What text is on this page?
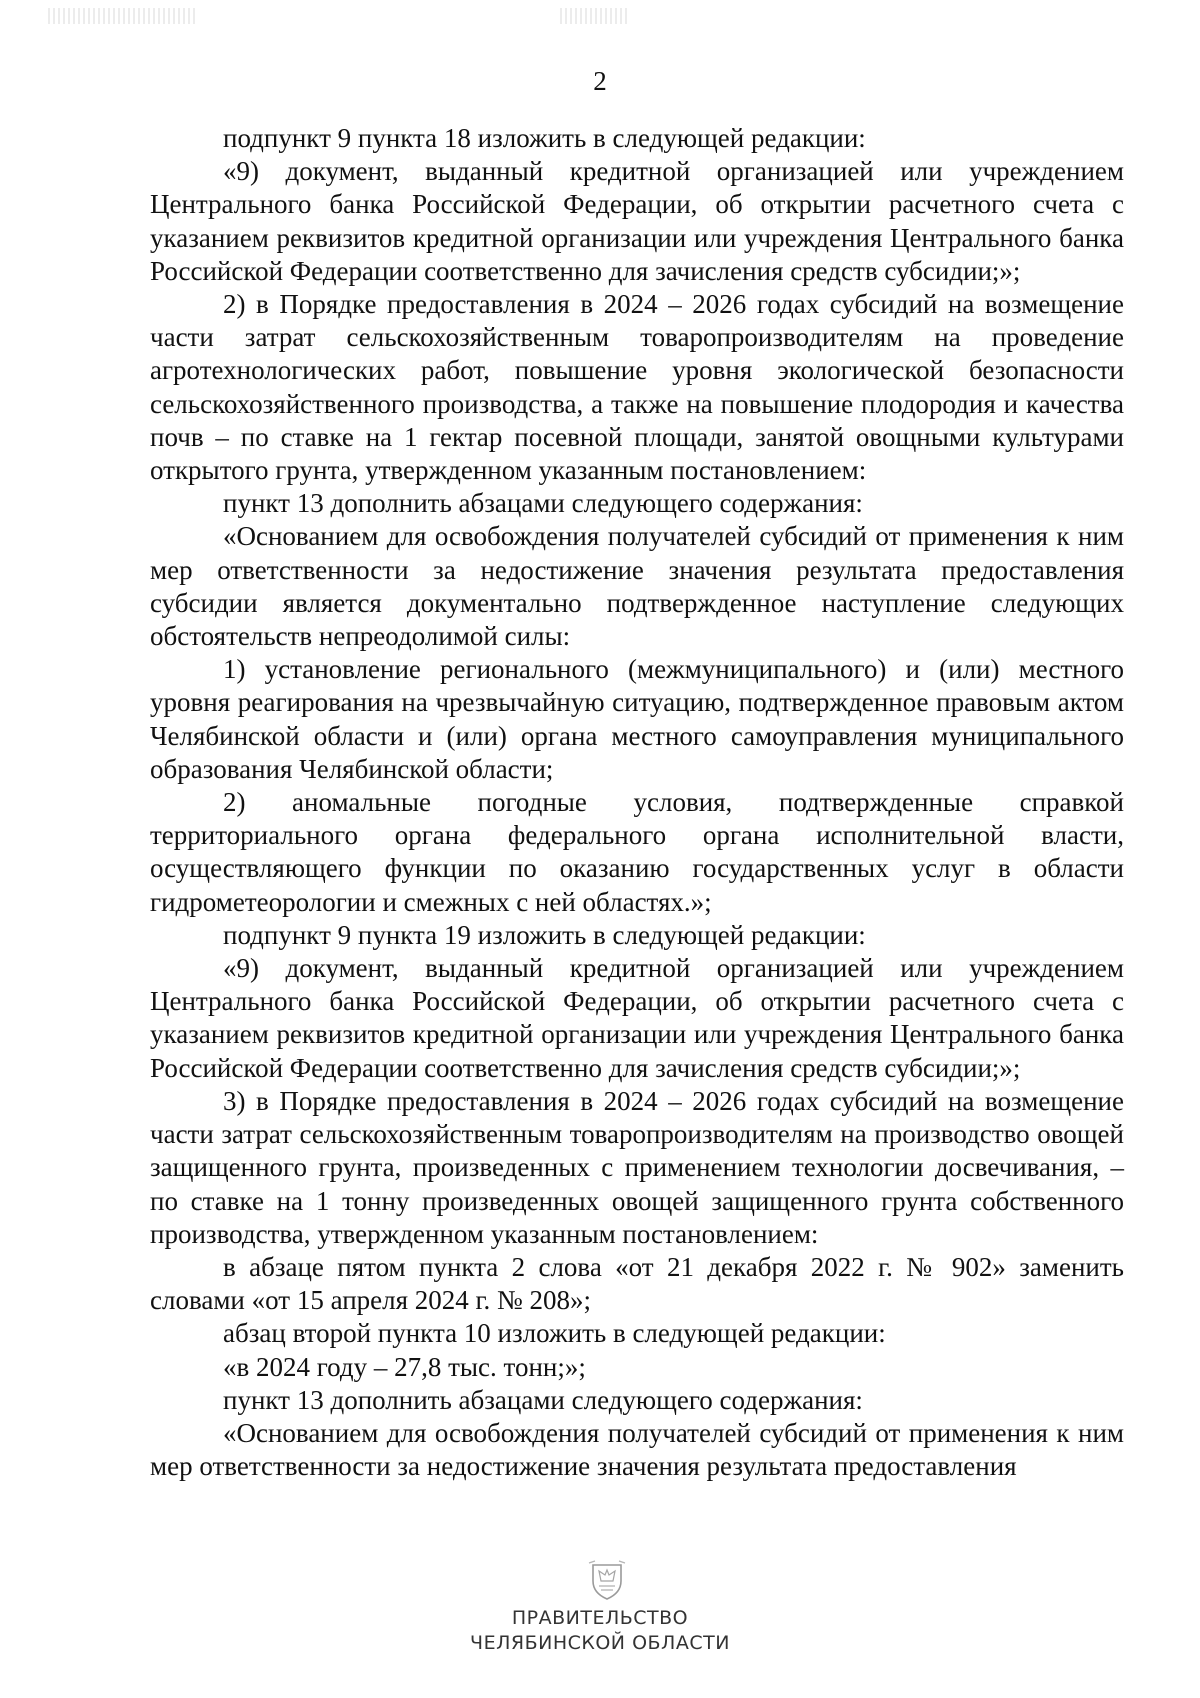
2

подпункт 9 пункта 18 изложить в следующей редакции:

«9) документ, выданный кредитной организацией или учреждением Центрального банка Российской Федерации, об открытии расчетного счета с указанием реквизитов кредитной организации или учреждения Центрального банка Российской Федерации соответственно для зачисления средств субсидии;»;

2) в Порядке предоставления в 2024 – 2026 годах субсидий на возмещение части затрат сельскохозяйственным товаропроизводителям на проведение агротехнологических работ, повышение уровня экологической безопасности сельскохозяйственного производства, а также на повышение плодородия и качества почв – по ставке на 1 гектар посевной площади, занятой овощными культурами открытого грунта, утвержденном указанным постановлением:

пункт 13 дополнить абзацами следующего содержания:

«Основанием для освобождения получателей субсидий от применения к ним мер ответственности за недостижение значения результата предоставления субсидии является документально подтвержденное наступление следующих обстоятельств непреодолимой силы:

1) установление регионального (межмуниципального) и (или) местного уровня реагирования на чрезвычайную ситуацию, подтвержденное правовым актом Челябинской области и (или) органа местного самоуправления муниципального образования Челябинской области;

2) аномальные погодные условия, подтвержденные справкой территориального органа федерального органа исполнительной власти, осуществляющего функции по оказанию государственных услуг в области гидрометеорологии и смежных с ней областях.»;

подпункт 9 пункта 19 изложить в следующей редакции:

«9) документ, выданный кредитной организацией или учреждением Центрального банка Российской Федерации, об открытии расчетного счета с указанием реквизитов кредитной организации или учреждения Центрального банка Российской Федерации соответственно для зачисления средств субсидии;»;

3) в Порядке предоставления в 2024 – 2026 годах субсидий на возмещение части затрат сельскохозяйственным товаропроизводителям на производство овощей защищенного грунта, произведенных с применением технологии досвечивания, – по ставке на 1 тонну произведенных овощей защищенного грунта собственного производства, утвержденном указанным постановлением:

в абзаце пятом пункта 2 слова «от 21 декабря 2022 г. № 902» заменить словами «от 15 апреля 2024 г. № 208»;

абзац второй пункта 10 изложить в следующей редакции:

«в 2024 году – 27,8 тыс. тонн;»;

пункт 13 дополнить абзацами следующего содержания:

«Основанием для освобождения получателей субсидий от применения к ним мер ответственности за недостижение значения результата предоставления

ПРАВИТЕЛЬСТВО
ЧЕЛЯБИНСКОЙ ОБЛАСТИ
